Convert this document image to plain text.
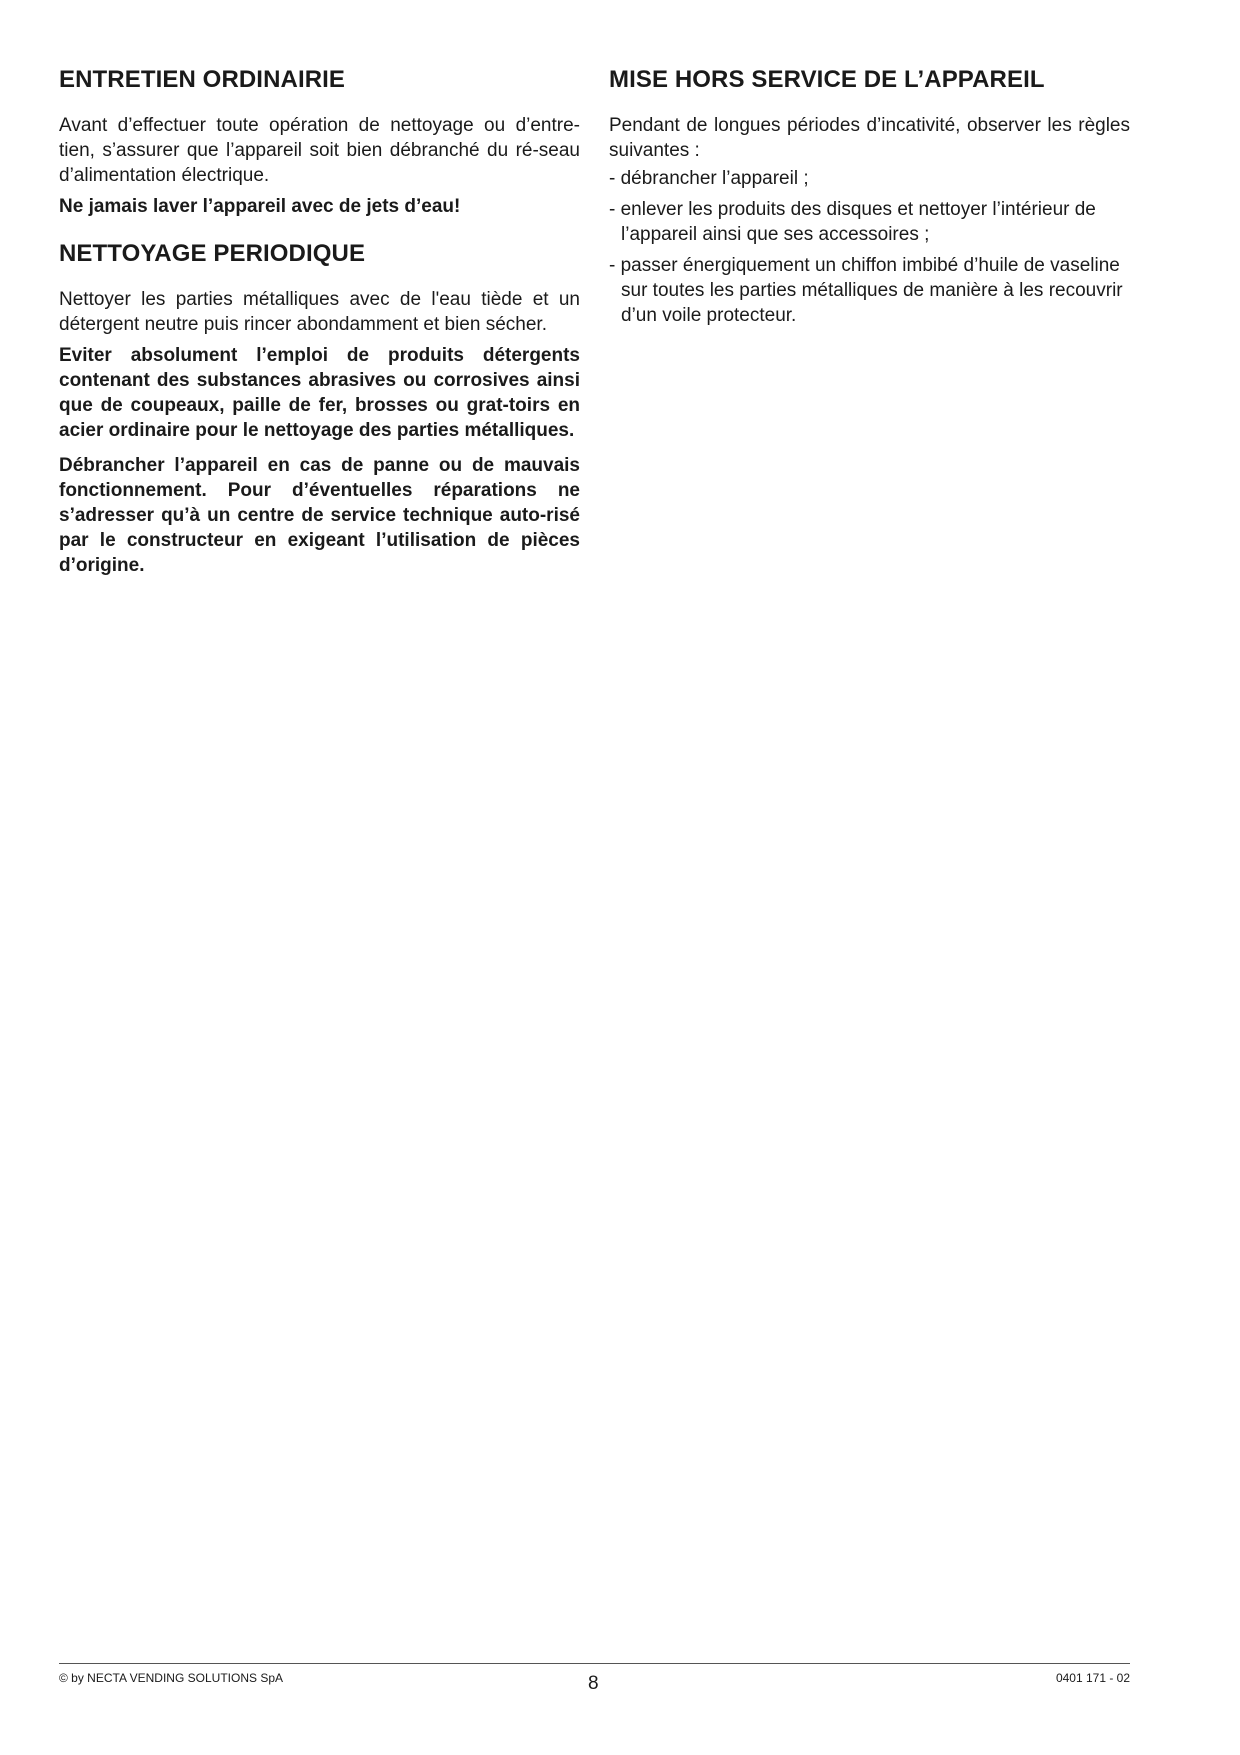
ENTRETIEN ORDINAIRIE

Avant d’effectuer toute opération de nettoyage ou d’entre-tien, s’assurer que l’appareil soit bien débranché du ré-seau d’alimentation électrique.

Ne jamais laver l’appareil avec de jets d’eau!

NETTOYAGE PERIODIQUE

Nettoyer les parties métalliques avec de l'eau tiède et un détergent neutre puis rincer abondamment et bien sécher.

Eviter absolument l’emploi de produits détergents contenant des substances abrasives ou corrosives ainsi que de coupeaux, paille de fer, brosses ou grat-toirs en acier ordinaire pour le nettoyage des parties métalliques.

Débrancher l’appareil en cas de panne ou de mauvais fonctionnement. Pour d’éventuelles réparations ne s’adresser qu’à un centre de service technique auto-risé par le constructeur en exigeant l’utilisation de pièces d’origine.

MISE HORS SERVICE DE L’APPAREIL

Pendant de longues périodes d’incativité, observer les règles suivantes :

- débrancher l’appareil ;
- enlever les produits des disques et nettoyer l’intérieur de l’appareil ainsi que ses accessoires ;
- passer énergiquement un chiffon imbibé d’huile de vaseline sur toutes les parties métalliques de manière à les recouvrir d’un voile protecteur.
© by NECTA VENDING SOLUTIONS SpA	8	0401 171 - 02
